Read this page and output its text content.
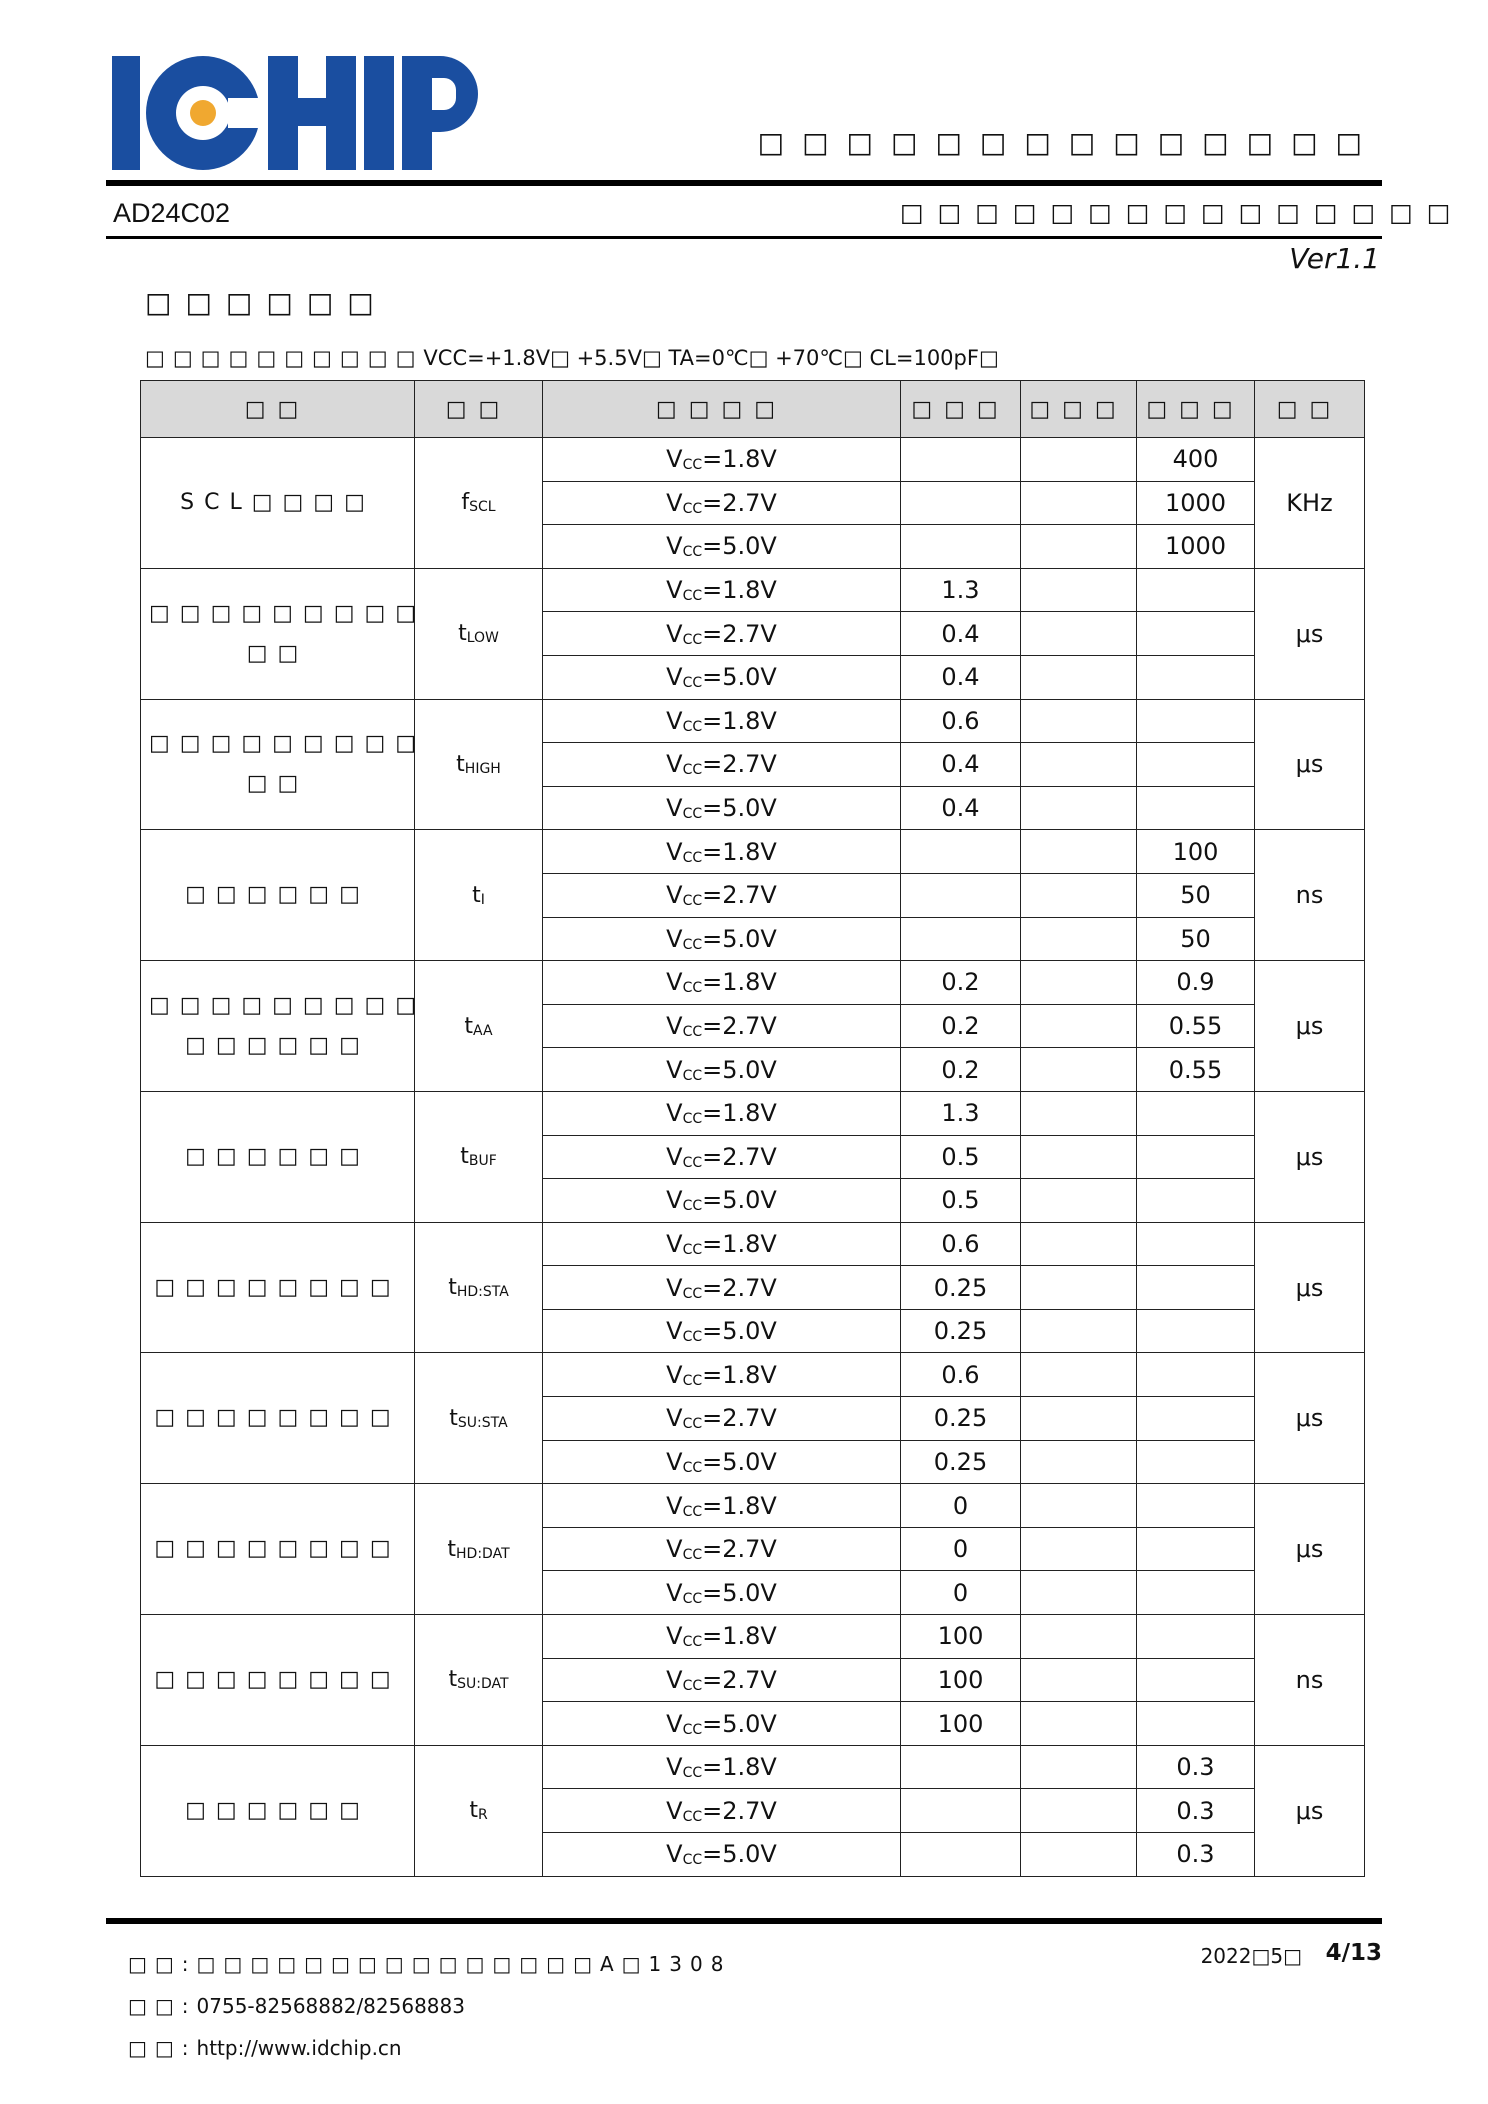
□□□□□□□□□□□□□□
AD24C02	□□□□□□□□□□□□□□□
Ver1.1
□□□□□□
□□□□□□□□□□VCC=+1.8V□ +5.5V□ TA=0℃□ +70℃□ CL=100pF□
□□	□□	□□□□	□□□	□□□	□□□	□□
SCL□□□□	$f_{SCL}$	$V_{CC}=1.8V$			400	KHz
		$V_{CC}=2.7V$			1000	
		$V_{CC}=5.0V$			1000	
□□□□□□□□□
□□	$t_{LOW}$	$V_{CC}=1.8V$	1.3			μs
		$V_{CC}=2.7V$	0.4			
		$V_{CC}=5.0V$	0.4			
□□□□□□□□□
□□	$t_{HIGH}$	$V_{CC}=1.8V$	0.6			μs
		$V_{CC}=2.7V$	0.4			
		$V_{CC}=5.0V$	0.4			
□□□□□□	$t_I$	$V_{CC}=1.8V$			100	ns
		$V_{CC}=2.7V$			50	
		$V_{CC}=5.0V$			50	
□□□□□□□□□
□□□□□□	$t_{AA}$	$V_{CC}=1.8V$	0.2		0.9	μs
		$V_{CC}=2.7V$	0.2		0.55	
		$V_{CC}=5.0V$	0.2		0.55	
□□□□□□	$t_{BUF}$	$V_{CC}=1.8V$	1.3			μs
		$V_{CC}=2.7V$	0.5			
		$V_{CC}=5.0V$	0.5			
□□□□□□□□	$t_{HD:STA}$	$V_{CC}=1.8V$	0.6			μs
		$V_{CC}=2.7V$	0.25			
		$V_{CC}=5.0V$	0.25			
□□□□□□□□	$t_{SU:STA}$	$V_{CC}=1.8V$	0.6			μs
		$V_{CC}=2.7V$	0.25			
		$V_{CC}=5.0V$	0.25			
□□□□□□□□	$t_{HD:DAT}$	$V_{CC}=1.8V$	0			μs
		$V_{CC}=2.7V$	0			
		$V_{CC}=5.0V$	0			
□□□□□□□□	$t_{SU:DAT}$	$V_{CC}=1.8V$	100			ns
		$V_{CC}=2.7V$	100			
		$V_{CC}=5.0V$	100			
□□□□□□	$t_R$	$V_{CC}=1.8V$			0.3	μs
		$V_{CC}=2.7V$			0.3	
		$V_{CC}=5.0V$			0.3	
□□:□□□□□□□□□□□□□□□A□1308
□□:0755-82568882/82568883
□□:http://www.idchip.cn
2022□5□	4/13
